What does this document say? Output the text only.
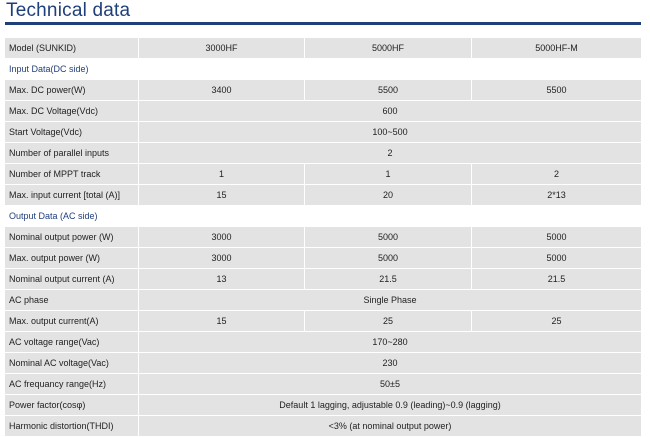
Technical data
Model (SUNKID)	3000HF	5000HF	5000HF-M
Input Data(DC side)			
Max. DC power(W)	3400	5500	5500
Max. DC Voltage(Vdc)	600		
Start Voltage(Vdc)	100~500		
Number of parallel inputs	2		
Number of MPPT track	1	1	2
Max. input current [total (A)]	15	20	2*13
Output Data (AC side)			
Nominal output power (W)	3000	5000	5000
Max. output power (W)	3000	5000	5000
Nominal output current (A)	13	21.5	21.5
AC phase	Single Phase		
Max. output current(A)	15	25	25
AC voltage range(Vac)	170~280		
Nominal AC voltage(Vac)	230		
AC frequancy range(Hz)	50±5		
Power factor(cosφ)	Default 1 lagging, adjustable 0.9 (leading)~0.9 (lagging)		
Harmonic distortion(THDI)	<3% (at nominal output power)		
